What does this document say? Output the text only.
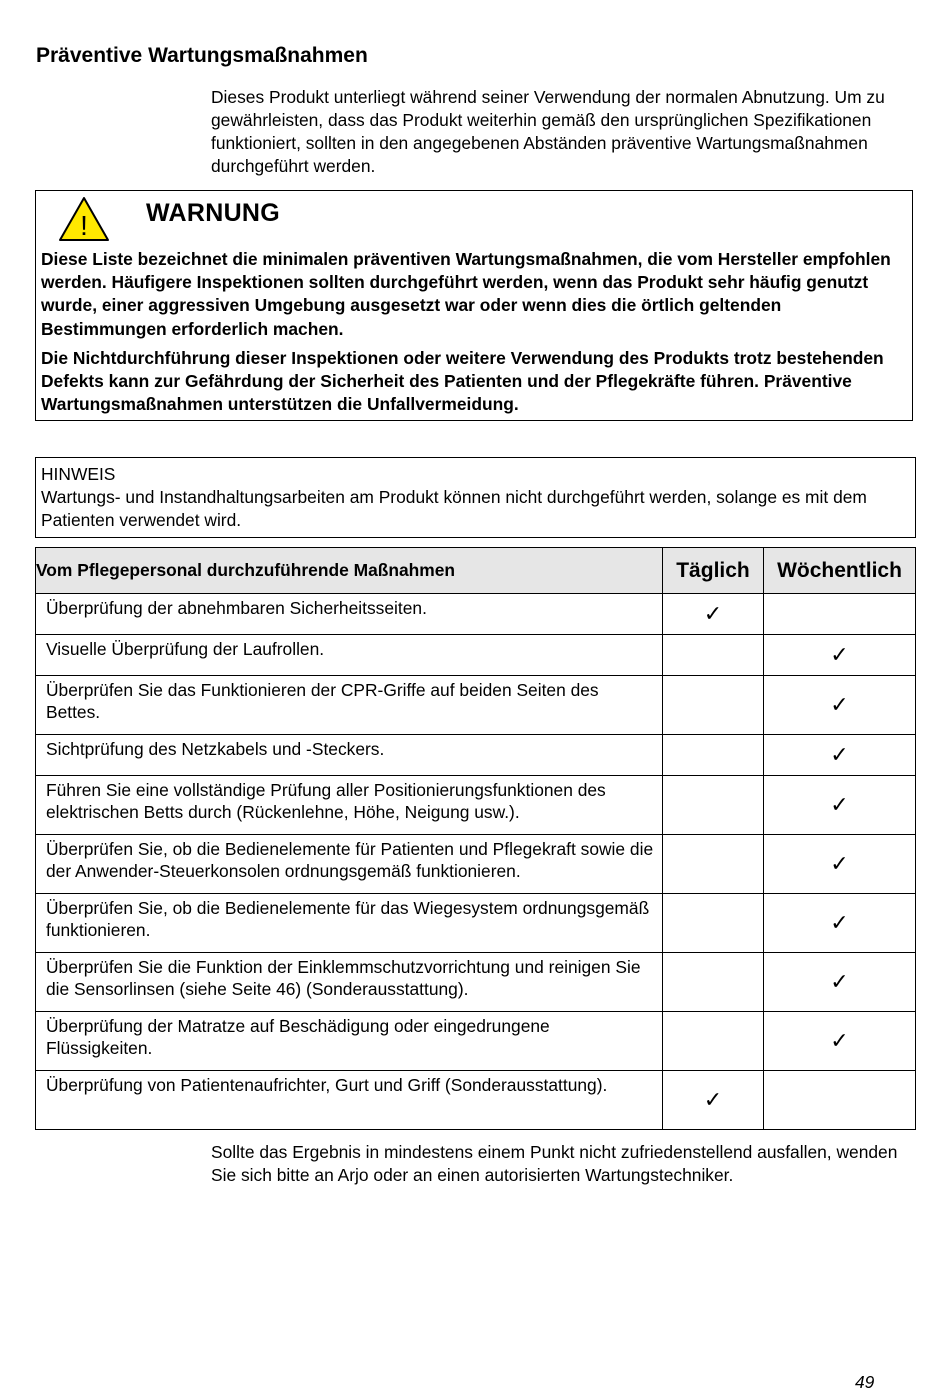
Präventive Wartungsmaßnahmen

Dieses Produkt unterliegt während seiner Verwendung der normalen Abnutzung. Um zu gewährleisten, dass das Produkt weiterhin gemäß den ursprünglichen Spezifikationen funktioniert, sollten in den angegebenen Abständen präventive Wartungsmaßnahmen durchgeführt werden.

! WARNUNG

Diese Liste bezeichnet die minimalen präventiven Wartungsmaßnahmen, die vom Hersteller empfohlen werden. Häufigere Inspektionen sollten durchgeführt werden, wenn das Produkt sehr häufig genutzt wurde, einer aggressiven Umgebung ausgesetzt war oder wenn dies die örtlich geltenden Bestimmungen erforderlich machen.

Die Nichtdurchführung dieser Inspektionen oder weitere Verwendung des Produkts trotz bestehenden Defekts kann zur Gefährdung der Sicherheit des Patienten und der Pflegekräfte führen. Präventive Wartungsmaßnahmen unterstützen die Unfallvermeidung.

HINWEIS
Wartungs- und Instandhaltungsarbeiten am Produkt können nicht durchgeführt werden, solange es mit dem Patienten verwendet wird.
Vom Pflegepersonal durchzuführende Maßnahmen	Täglich	Wöchentlich
Überprüfung der abnehmbaren Sicherheitsseiten.	✓	
Visuelle Überprüfung der Laufrollen.		✓
Überprüfen Sie das Funktionieren der CPR-Griffe auf beiden Seiten des Bettes.		✓
Sichtprüfung des Netzkabels und -Steckers.		✓
Führen Sie eine vollständige Prüfung aller Positionierungsfunktionen des elektrischen Betts durch (Rückenlehne, Höhe, Neigung usw.).		✓
Überprüfen Sie, ob die Bedienelemente für Patienten und Pflegekraft sowie die der Anwender-Steuerkonsolen ordnungsgemäß funktionieren.		✓
Überprüfen Sie, ob die Bedienelemente für das Wiegesystem ordnungsgemäß funktionieren.		✓
Überprüfen Sie die Funktion der Einklemmschutzvorrichtung und reinigen Sie die Sensorlinsen (siehe Seite 46) (Sonderausstattung).		✓
Überprüfung der Matratze auf Beschädigung oder eingedrungene Flüssigkeiten.		✓
Überprüfung von Patientenaufrichter, Gurt und Griff (Sonderausstattung).	✓	

Sollte das Ergebnis in mindestens einem Punkt nicht zufriedenstellend ausfallen, wenden Sie sich bitte an Arjo oder an einen autorisierten Wartungstechniker.

49
